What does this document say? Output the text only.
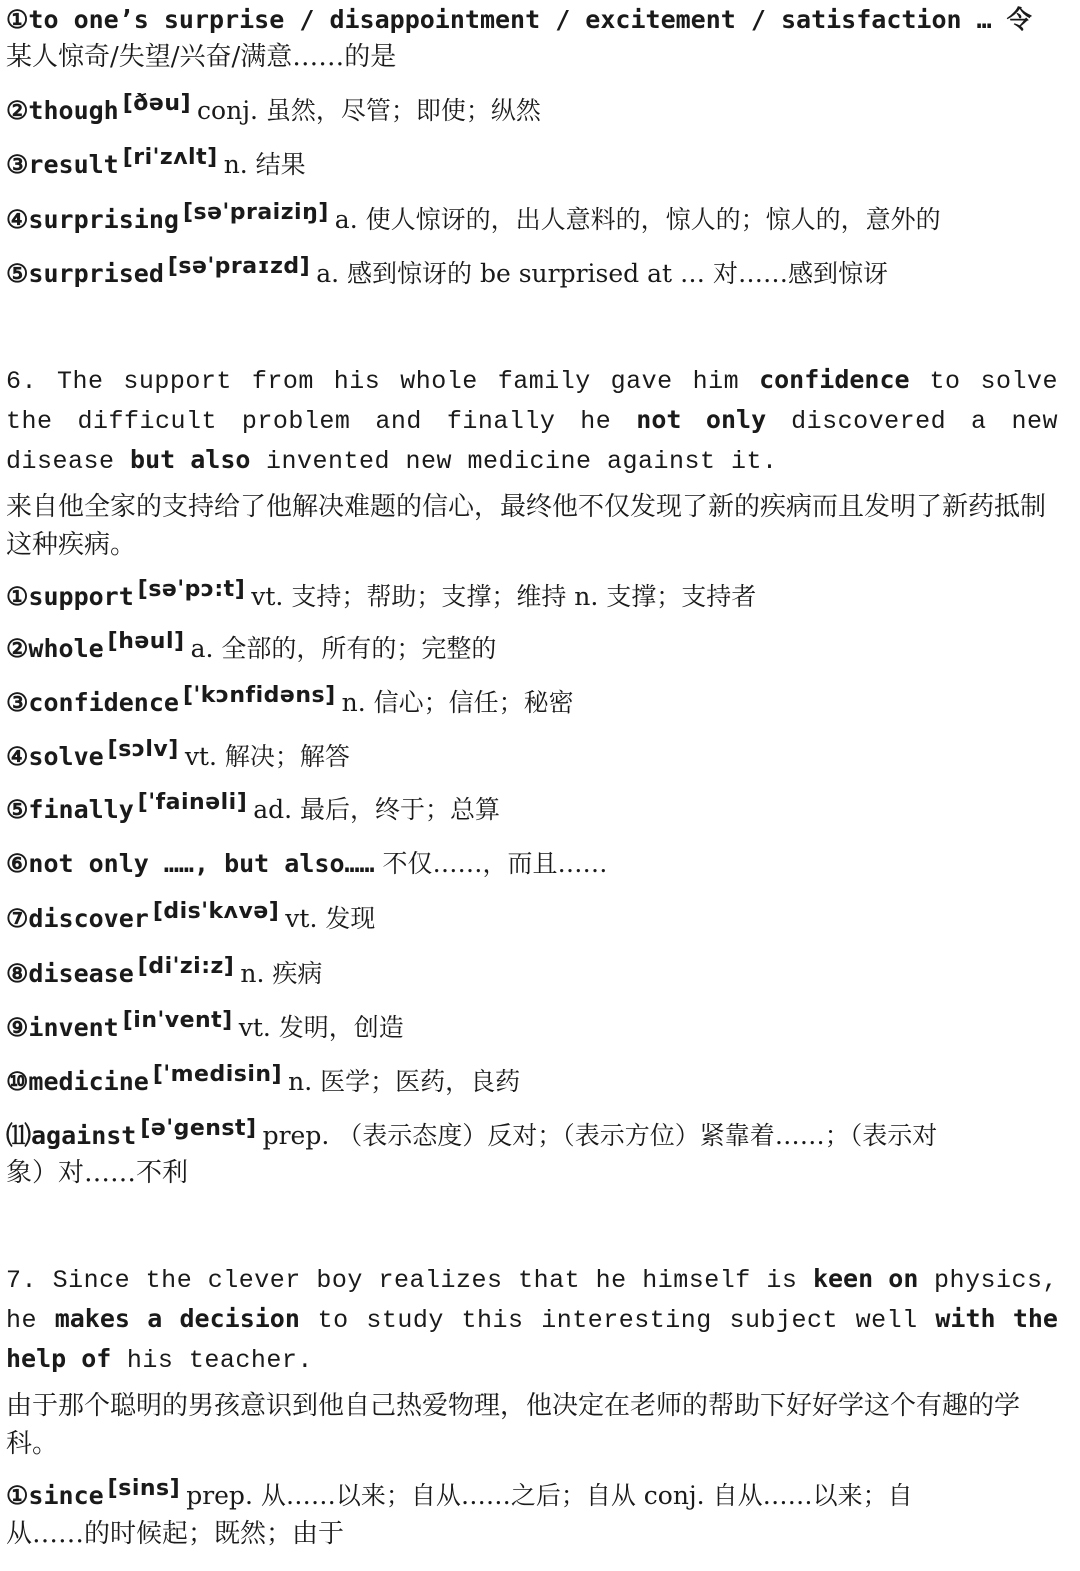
①to one’s surprise / disappointment / excitement / satisfaction … 令
某人惊奇/失望/兴奋/满意……的是
②though [ðəu] conj. 虽然，尽管；即使；纵然
③result [ri'zʌlt] n. 结果
④surprising [sə'praiziŋ] a. 使人惊讶的，出人意料的，惊人的；惊人的，意外的
⑤surprised [sə'praɪzd] a. 感到惊讶的 be surprised at … 对……感到惊讶
6. The support from his whole family gave him confidence to solve the difficult problem and finally he not only discovered a new disease but also invented new medicine against it.
来自他全家的支持给了他解决难题的信心，最终他不仅发现了新的疾病而且发明了新药抵制这种疾病。
①support [sə'pɔ:t] vt. 支持；帮助；支撑；维持 n. 支撑；支持者
②whole [həul] a. 全部的，所有的；完整的
③confidence ['kɔnfidəns] n. 信心；信任；秘密
④solve [sɔlv] vt. 解决；解答
⑤finally ['fainəli] ad. 最后，终于；总算
⑥not only ……, but also…… 不仅……，而且……
⑦discover [dis'kʌvə] vt. 发现
⑧disease [di'zi:z] n. 疾病
⑨invent [in'vent] vt. 发明，创造
⑩medicine ['medisin] n. 医学；医药，良药
⑾against [ə'genst] prep. （表示态度）反对；（表示方位）紧靠着……；（表示对
象）对……不利
7. Since the clever boy realizes that he himself is keen on physics, he makes a decision to study this interesting subject well with the help of his teacher.
由于那个聪明的男孩意识到他自己热爱物理，他决定在老师的帮助下好好学这个有趣的学科。
①since [sins] prep. 从……以来；自从……之后；自从 conj. 自从……以来；自
从……的时候起；既然；由于
